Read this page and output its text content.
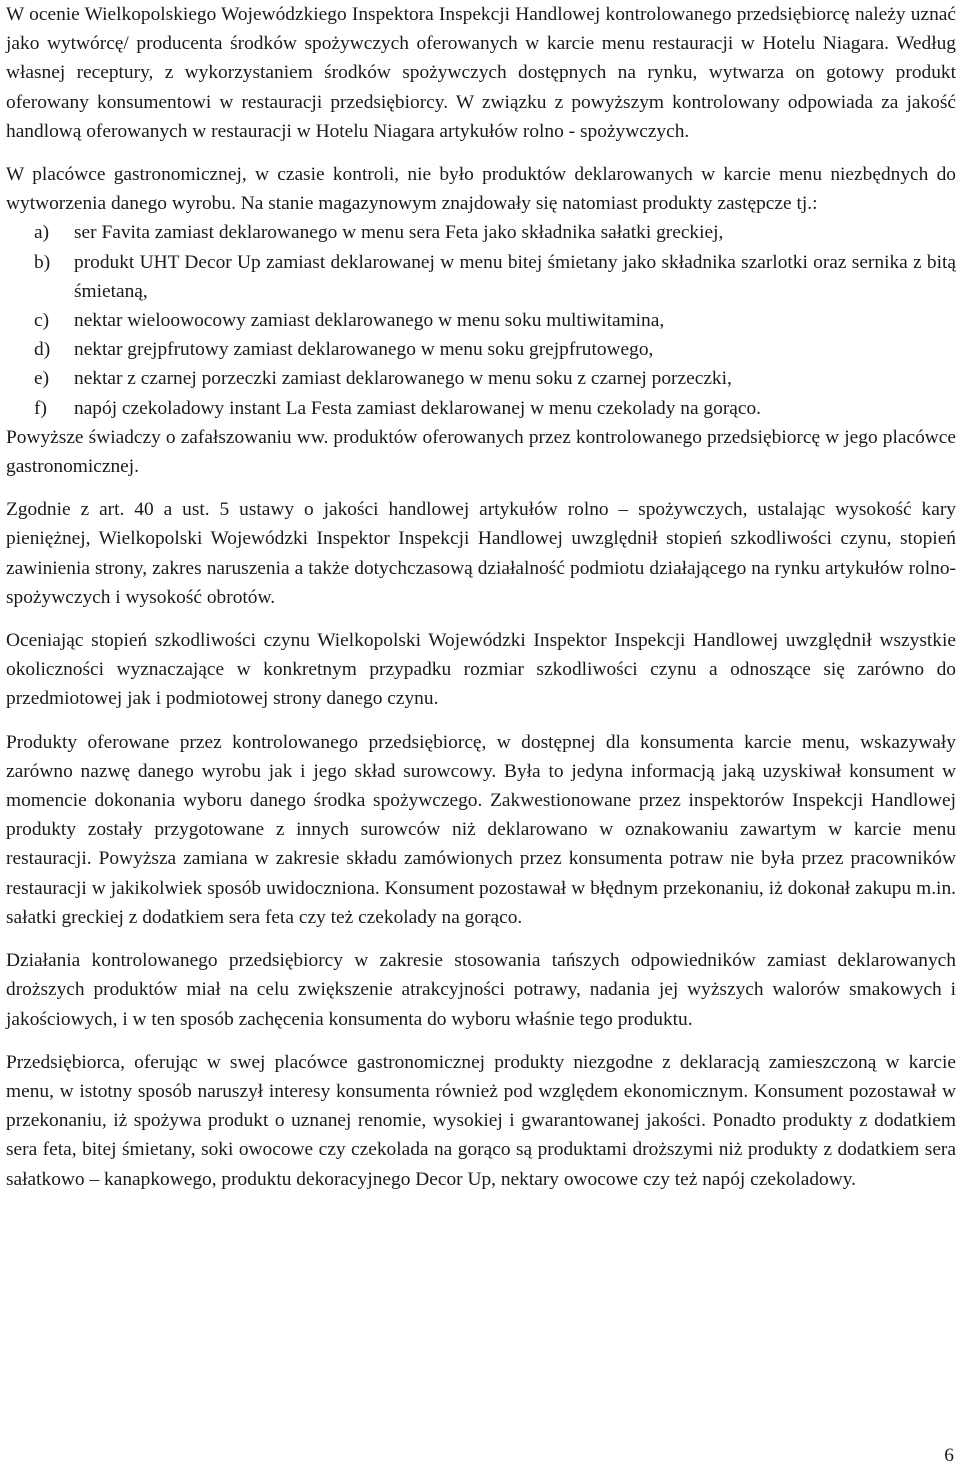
W ocenie Wielkopolskiego Wojewódzkiego Inspektora Inspekcji Handlowej kontrolowanego przedsiębiorcę należy uznać jako wytwórcę/ producenta środków spożywczych oferowanych w karcie menu restauracji w Hotelu Niagara. Według własnej receptury, z wykorzystaniem środków spożywczych dostępnych na rynku, wytwarza on gotowy produkt oferowany konsumentowi w restauracji przedsiębiorcy. W związku z powyższym kontrolowany odpowiada za jakość handlową oferowanych w restauracji w Hotelu Niagara artykułów rolno - spożywczych.

W placówce gastronomicznej, w czasie kontroli, nie było produktów deklarowanych w karcie menu niezbędnych do wytworzenia danego wyrobu. Na stanie magazynowym znajdowały się natomiast produkty zastępcze tj.:

a) ser Favita zamiast deklarowanego w menu sera Feta jako składnika sałatki greckiej,
b) produkt UHT Decor Up zamiast deklarowanej w menu bitej śmietany jako składnika szarlotki oraz sernika z bitą śmietaną,
c) nektar wieloowocowy zamiast deklarowanego w menu soku multiwitamina,
d) nektar grejpfrutowy zamiast deklarowanego w menu soku grejpfrutowego,
e) nektar z czarnej porzeczki zamiast deklarowanego w menu soku z czarnej porzeczki,
f) napój czekoladowy instant La Festa zamiast deklarowanej w menu czekolady na gorąco.

Powyższe świadczy o zafałszowaniu ww. produktów oferowanych przez kontrolowanego przedsiębiorcę w jego placówce gastronomicznej.

Zgodnie z art. 40 a ust. 5 ustawy o jakości handlowej artykułów rolno – spożywczych, ustalając wysokość kary pieniężnej, Wielkopolski Wojewódzki Inspektor Inspekcji Handlowej uwzględnił stopień szkodliwości czynu, stopień zawinienia strony, zakres naruszenia a także dotychczasową działalność podmiotu działającego na rynku artykułów rolno- spożywczych i wysokość obrotów.

Oceniając stopień szkodliwości czynu Wielkopolski Wojewódzki Inspektor Inspekcji Handlowej uwzględnił wszystkie okoliczności wyznaczające w konkretnym przypadku rozmiar szkodliwości czynu a odnoszące się zarówno do przedmiotowej jak i podmiotowej strony danego czynu.

Produkty oferowane przez kontrolowanego przedsiębiorcę, w dostępnej dla konsumenta karcie menu, wskazywały zarówno nazwę danego wyrobu jak i jego skład surowcowy. Była to jedyna informacją jaką uzyskiwał konsument w momencie dokonania wyboru danego środka spożywczego. Zakwestionowane przez inspektorów Inspekcji Handlowej produkty zostały przygotowane z innych surowców niż deklarowano w oznakowaniu zawartym w karcie menu restauracji. Powyższa zamiana w zakresie składu zamówionych przez konsumenta potraw nie była przez pracowników restauracji w jakikolwiek sposób uwidoczniona. Konsument pozostawał w błędnym przekonaniu, iż dokonał zakupu m.in. sałatki greckiej z dodatkiem sera feta czy też czekolady na gorąco.

Działania kontrolowanego przedsiębiorcy w zakresie stosowania tańszych odpowiedników zamiast deklarowanych droższych produktów miał na celu zwiększenie atrakcyjności potrawy, nadania jej wyższych walorów smakowych i jakościowych, i w ten sposób zachęcenia konsumenta do wyboru właśnie tego produktu.

Przedsiębiorca, oferując w swej placówce gastronomicznej produkty niezgodne z deklaracją zamieszczoną w karcie menu, w istotny sposób naruszył interesy konsumenta również pod względem ekonomicznym. Konsument pozostawał w przekonaniu, iż spożywa produkt o uznanej renomie, wysokiej i gwarantowanej jakości. Ponadto produkty z dodatkiem sera feta, bitej śmietany, soki owocowe czy czekolada na gorąco są produktami droższymi niż produkty z dodatkiem sera sałatkowo – kanapkowego, produktu dekoracyjnego Decor Up, nektary owocowe czy też napój czekoladowy.

6
